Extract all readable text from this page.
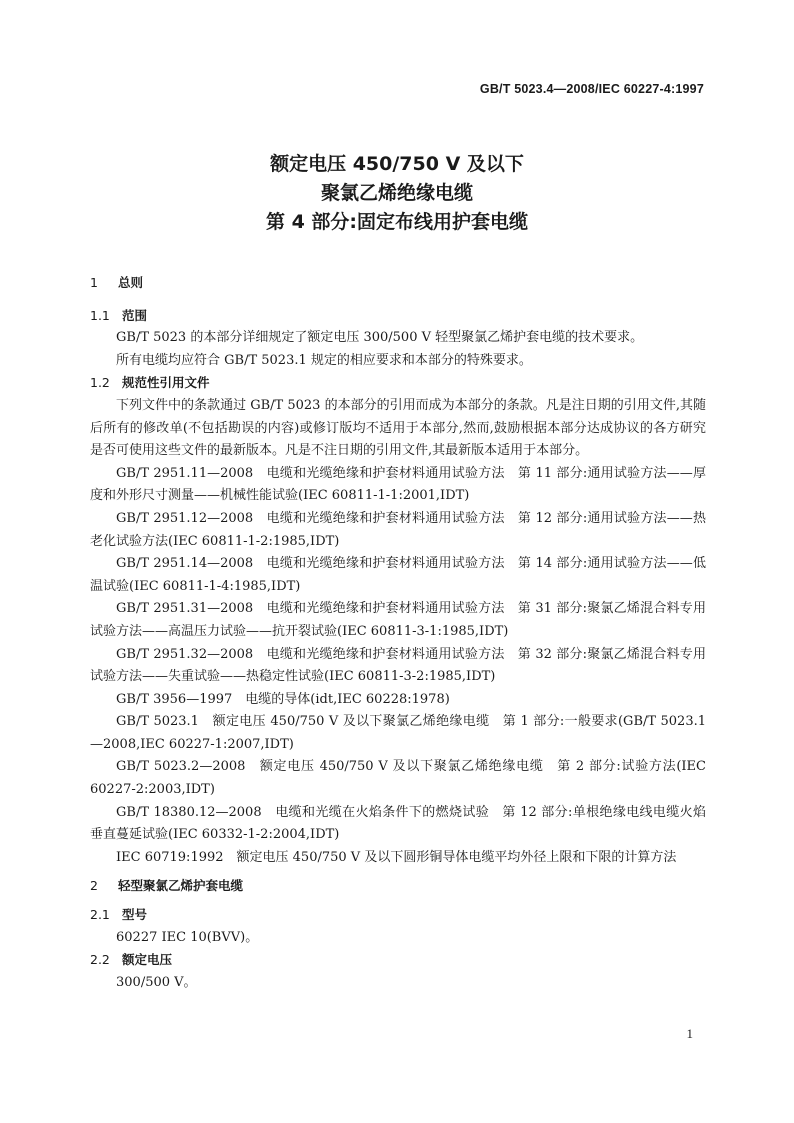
GB/T 5023.4—2008/IEC 60227-4:1997
额定电压 450/750 V 及以下
聚氯乙烯绝缘电缆
第 4 部分:固定布线用护套电缆
1 总则
1.1 范围

GB/T 5023 的本部分详细规定了额定电压 300/500 V 轻型聚氯乙烯护套电缆的技术要求。

所有电缆均应符合 GB/T 5023.1 规定的相应要求和本部分的特殊要求。

1.2 规范性引用文件

下列文件中的条款通过 GB/T 5023 的本部分的引用而成为本部分的条款。凡是注日期的引用文件,其随后所有的修改单(不包括勘误的内容)或修订版均不适用于本部分,然而,鼓励根据本部分达成协议的各方研究是否可使用这些文件的最新版本。凡是不注日期的引用文件,其最新版本适用于本部分。

GB/T 2951.11—2008　电缆和光缆绝缘和护套材料通用试验方法　第 11 部分:通用试验方法——厚度和外形尺寸测量——机械性能试验(IEC 60811-1-1:2001,IDT)

GB/T 2951.12—2008　电缆和光缆绝缘和护套材料通用试验方法　第 12 部分:通用试验方法——热老化试验方法(IEC 60811-1-2:1985,IDT)

GB/T 2951.14—2008　电缆和光缆绝缘和护套材料通用试验方法　第 14 部分:通用试验方法——低温试验(IEC 60811-1-4:1985,IDT)

GB/T 2951.31—2008　电缆和光缆绝缘和护套材料通用试验方法　第 31 部分:聚氯乙烯混合料专用试验方法——高温压力试验——抗开裂试验(IEC 60811-3-1:1985,IDT)

GB/T 2951.32—2008　电缆和光缆绝缘和护套材料通用试验方法　第 32 部分:聚氯乙烯混合料专用试验方法——失重试验——热稳定性试验(IEC 60811-3-2:1985,IDT)

GB/T 3956—1997　电缆的导体(idt,IEC 60228:1978)

GB/T 5023.1　额定电压 450/750 V 及以下聚氯乙烯绝缘电缆　第 1 部分:一般要求(GB/T 5023.1—2008,IEC 60227-1:2007,IDT)

GB/T 5023.2—2008　额定电压 450/750 V 及以下聚氯乙烯绝缘电缆　第 2 部分:试验方法(IEC 60227-2:2003,IDT)

GB/T 18380.12—2008　电缆和光缆在火焰条件下的燃烧试验　第 12 部分:单根绝缘电线电缆火焰垂直蔓延试验(IEC 60332-1-2:2004,IDT)

IEC 60719:1992　额定电压 450/750 V 及以下圆形铜导体电缆平均外径上限和下限的计算方法

2 轻型聚氯乙烯护套电缆
2.1 型号

60227 IEC 10(BVV)。

2.2 额定电压

300/500 V。

1
